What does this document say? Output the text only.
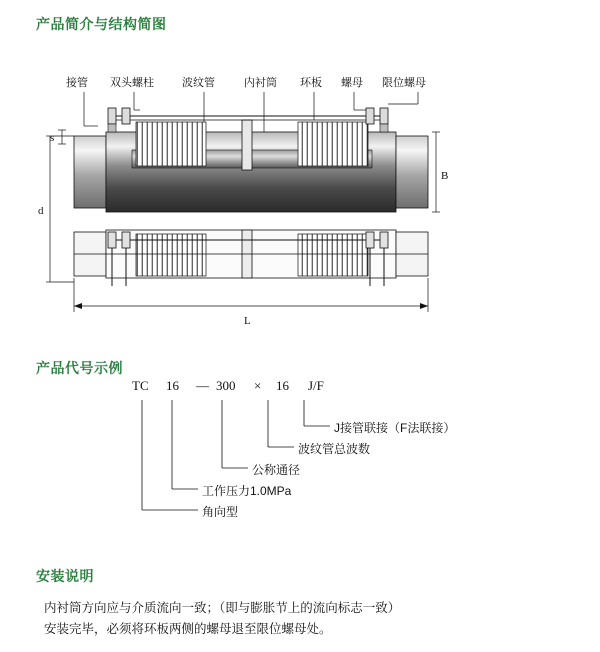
产品简介与结构简图
s
d
B
L
接管 双头螺柱	波纹管	内衬筒 环板 螺母 限位螺母
产品代号示例
TC 16 — 300 × 16 J/F
J接管联接（F法联接）
波纹管总波数
公称通径
工作压力1.0MPa
角向型
安装说明
内衬筒方向应与介质流向一致；（即与膨胀节上的流向标志一致）
安装完毕，必须将环板两侧的螺母退至限位螺母处。
